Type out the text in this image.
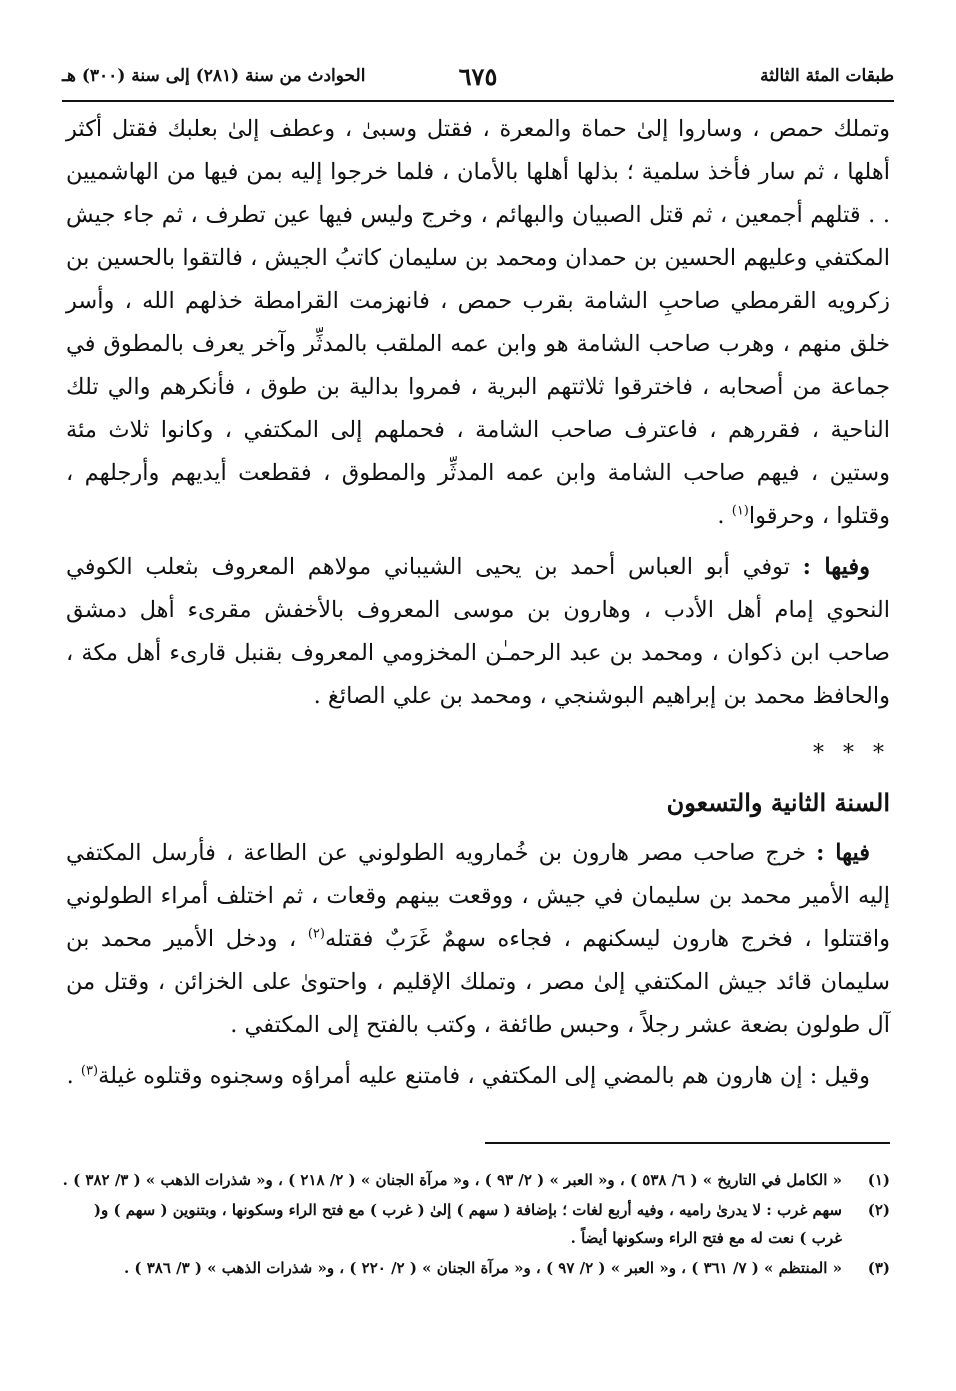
طبقات المئة الثالثة
٦٧٥
الحوادث من سنة (٢٨١) إلى سنة (٣٠٠) هـ

وتملك حمص ، وساروا إلىٰ حماة والمعرة ، فقتل وسبىٰ ، وعطف إلىٰ بعلبك فقتل أكثر أهلها ، ثم سار فأخذ سلمية ؛ بذلها أهلها بالأمان ، فلما خرجوا إليه بمن فيها من الهاشميين . . قتلهم أجمعين ، ثم قتل الصبيان والبهائم ، وخرج وليس فيها عين تطرف ، ثم جاء جيش المكتفي وعليهم الحسين بن حمدان ومحمد بن سليمان كاتبُ الجيش ، فالتقوا بالحسين بن زكرويه القرمطي صاحبِ الشامة بقرب حمص ، فانهزمت القرامطة خذلهم الله ، وأسر خلق منهم ، وهرب صاحب الشامة هو وابن عمه الملقب بالمدثِّر وآخر يعرف بالمطوق في جماعة من أصحابه ، فاخترقوا ثلاثتهم البرية ، فمروا بدالية بن طوق ، فأنكرهم والي تلك الناحية ، فقررهم ، فاعترف صاحب الشامة ، فحملهم إلى المكتفي ، وكانوا ثلاث مئة وستين ، فيهم صاحب الشامة وابن عمه المدثِّر والمطوق ، فقطعت أيديهم وأرجلهم ، وقتلوا ، وحرقوا$^{(١)}$ .

وفيها : توفي أبو العباس أحمد بن يحيى الشيباني مولاهم المعروف بثعلب الكوفي النحوي إمام أهل الأدب ، وهارون بن موسى المعروف بالأخفش مقرىء أهل دمشق صاحب ابن ذكوان ، ومحمد بن عبد الرحمـٰن المخزومي المعروف بقنبل قارىء أهل مكة ، والحافظ محمد بن إبراهيم البوشنجي ، ومحمد بن علي الصائغ .

* * *
السنة الثانية والتسعون

فيها : خرج صاحب مصر هارون بن خُمارويه الطولوني عن الطاعة ، فأرسل المكتفي إليه الأمير محمد بن سليمان في جيش ، ووقعت بينهم وقعات ، ثم اختلف أمراء الطولوني واقتتلوا ، فخرج هارون ليسكنهم ، فجاءه سهمٌ غَرَبٌ فقتله$^{(٢)}$ ، ودخل الأمير محمد بن سليمان قائد جيش المكتفي إلىٰ مصر ، وتملك الإقليم ، واحتوىٰ على الخزائن ، وقتل من آل طولون بضعة عشر رجلاً ، وحبس طائفة ، وكتب بالفتح إلى المكتفي .

وقيل : إن هارون هم بالمضي إلى المكتفي ، فامتنع عليه أمراؤه وسجنوه وقتلوه غيلة$^{(٣)}$ .

(١)
« الكامل في التاريخ » ( ٦/ ٥٣٨ ) ، و« العبر » ( ٢/ ٩٣ ) ، و« مرآة الجنان » ( ٢/ ٢١٨ ) ، و« شذرات الذهب » ( ٣/ ٣٨٢ ) .
(٢)
سهم غرب : لا يدرىٰ راميه ، وفيه أربع لغات ؛ بإضافة ( سهم ) إلىٰ ( غرب ) مع فتح الراء وسكونها ، وبتنوين ( سهم ) و( غرب ) نعت له مع فتح الراء وسكونها أيضاً .
(٣)
« المنتظم » ( ٧/ ٣٦١ ) ، و« العبر » ( ٢/ ٩٧ ) ، و« مرآة الجنان » ( ٢/ ٢٢٠ ) ، و« شذرات الذهب » ( ٣/ ٣٨٦ ) .
